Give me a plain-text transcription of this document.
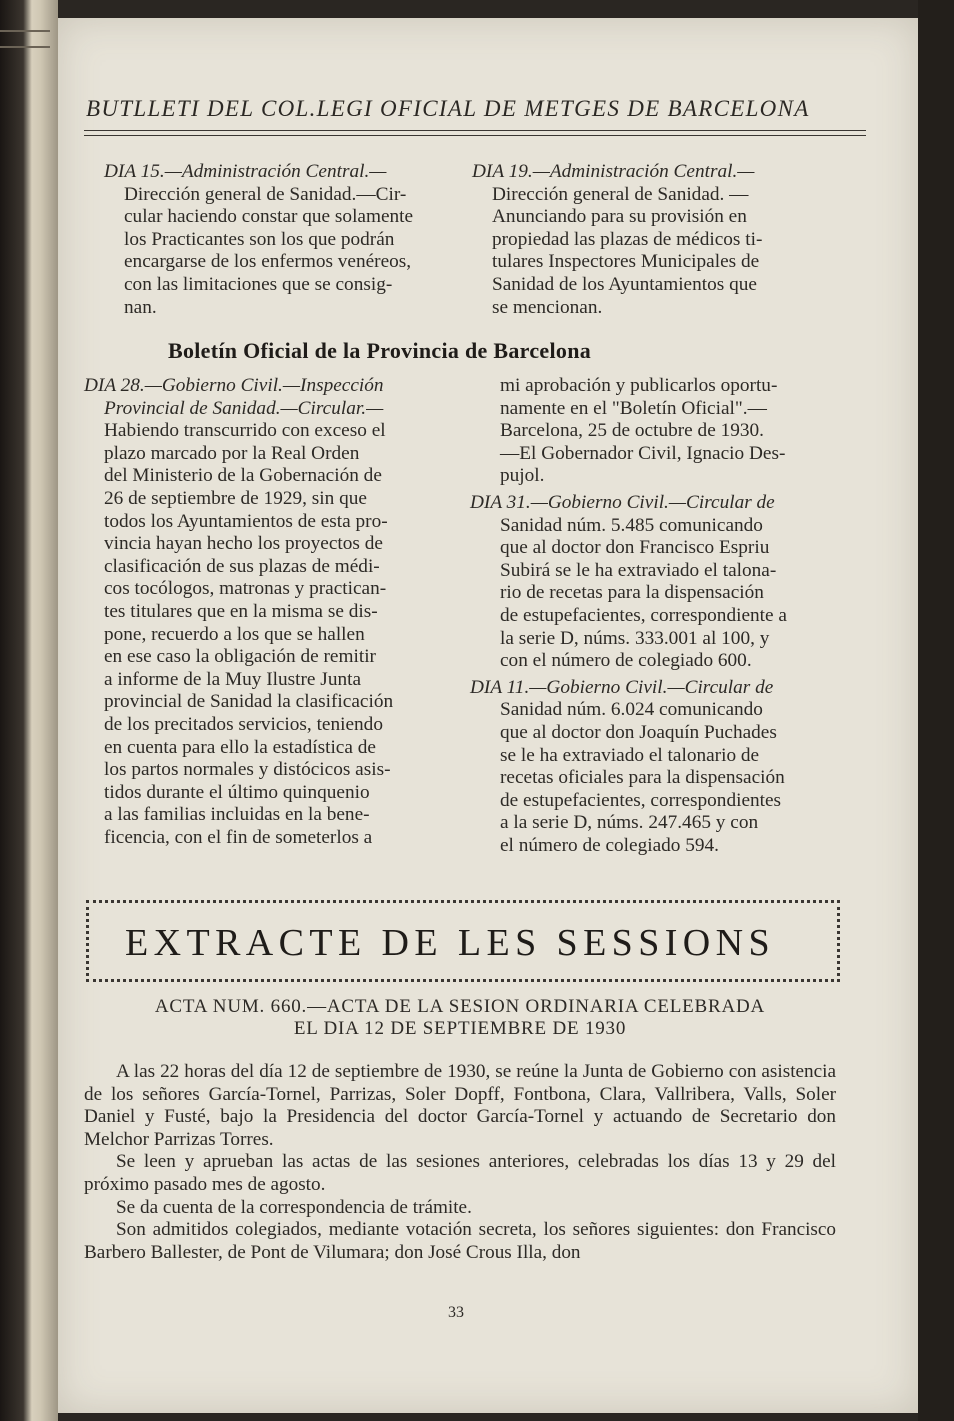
BUTLLETI DEL COL.LEGI OFICIAL DE METGES DE BARCELONA

DIA 15.—Administración Central.—

Dirección general de Sanidad.—Cir-

cular haciendo constar que solamente

los Practicantes son los que podrán

encargarse de los enfermos venéreos,

con las limitaciones que se consig-

nan.

DIA 19.—Administración Central.—

Dirección general de Sanidad. —

Anunciando para su provisión en

propiedad las plazas de médicos ti-

tulares Inspectores Municipales de

Sanidad de los Ayuntamientos que

se mencionan.

Boletín Oficial de la Provincia de Barcelona

DIA 28.—Gobierno Civil.—Inspección

Provincial de Sanidad.—Circular.—

Habiendo transcurrido con exceso el

plazo marcado por la Real Orden

del Ministerio de la Gobernación de

26 de septiembre de 1929, sin que

todos los Ayuntamientos de esta pro-

vincia hayan hecho los proyectos de

clasificación de sus plazas de médi-

cos tocólogos, matronas y practican-

tes titulares que en la misma se dis-

pone, recuerdo a los que se hallen

en ese caso la obligación de remitir

a informe de la Muy Ilustre Junta

provincial de Sanidad la clasificación

de los precitados servicios, teniendo

en cuenta para ello la estadística de

los partos normales y distócicos asis-

tidos durante el último quinquenio

a las familias incluidas en la bene-

ficencia, con el fin de someterlos a

mi aprobación y publicarlos oportu-

namente en el "Boletín Oficial".—

Barcelona, 25 de octubre de 1930.

—El Gobernador Civil, Ignacio Des-

pujol.

DIA 31.—Gobierno Civil.—Circular de

Sanidad núm. 5.485 comunicando

que al doctor don Francisco Espriu

Subirá se le ha extraviado el talona-

rio de recetas para la dispensación

de estupefacientes, correspondiente a

la serie D, núms. 333.001 al 100, y

con el número de colegiado 600.

DIA 11.—Gobierno Civil.—Circular de

Sanidad núm. 6.024 comunicando

que al doctor don Joaquín Puchades

se le ha extraviado el talonario de

recetas oficiales para la dispensación

de estupefacientes, correspondientes

a la serie D, núms. 247.465 y con

el número de colegiado 594.

EXTRACTE DE LES SESSIONS
ACTA NUM. 660.—ACTA DE LA SESION ORDINARIA CELEBRADA
EL DIA 12 DE SEPTIEMBRE DE 1930

A las 22 horas del día 12 de septiembre de 1930, se reúne la Junta de Gobierno con asistencia de los señores García-Tornel, Parrizas, Soler Dopff, Fontbona, Clara, Vallribera, Valls, Soler Daniel y Fusté, bajo la Presidencia del doctor García-Tornel y actuando de Secretario don Melchor Parrizas Torres.

Se leen y aprueban las actas de las sesiones anteriores, celebradas los días 13 y 29 del próximo pasado mes de agosto.

Se da cuenta de la correspondencia de trámite.

Son admitidos colegiados, mediante votación secreta, los señores siguientes: don Francisco Barbero Ballester, de Pont de Vilumara; don José Crous Illa, don

33
